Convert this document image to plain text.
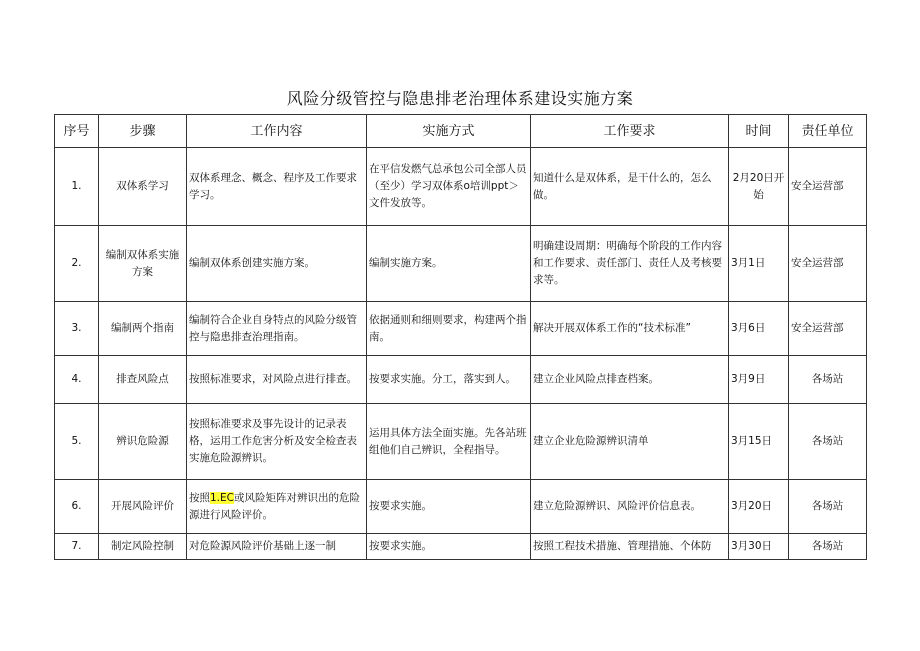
风险分级管控与隐患排老治理体系建设实施方案
序号	步骤	工作内容	实施方式	工作要求	时间	责任单位
1.	双体系学习	双体系理念、概念、程序及工作要求学习。	在平信发燃气总承包公司全部人员（至少）学习双体系ο培训ppt＞文件发放等。	知道什么是双体系，是干什么的，怎么做。	2月20日开始	安全运营部
2.	编制双体系实施方案	编制双体系创建实施方案。	编制实施方案。	明确建设周期：明确每个阶段的工作内容和工作要求、责任部门、责任人及考核要求等。	3月1日	安全运营部
3.	编制两个指南	编制符合企业自身特点的风险分级管控与隐患排查治理指南。	依据通则和细则要求，构建两个指南。	解决开展双体系工作的“技术标准”	3月6日	安全运营部
4.	排查风险点	按照标准要求，对风险点进行排查。	按要求实施。分工，落实到人。	建立企业风险点排查档案。	3月9日	各场站
5.	辨识危险源	按照标准要求及事先设计的记录表格，运用工作危害分析及安全检查表实施危险源辨识。	运用具体方法全面实施。先各站班组他们自己辨识，全程指导。	建立企业危险源辨识清单	3月15日	各场站
6.	开展风险评价	按照1.EC或风险矩阵对辨识出的危险源进行风险评价。	按要求实施。	建立危险源辨识、风险评价信息表。	3月20日	各场站
7.	制定风险控制	对危险源风险评价基础上逐一制	按要求实施。	按照工程技术措施、管理措施、个体防	3月30日	各场站
